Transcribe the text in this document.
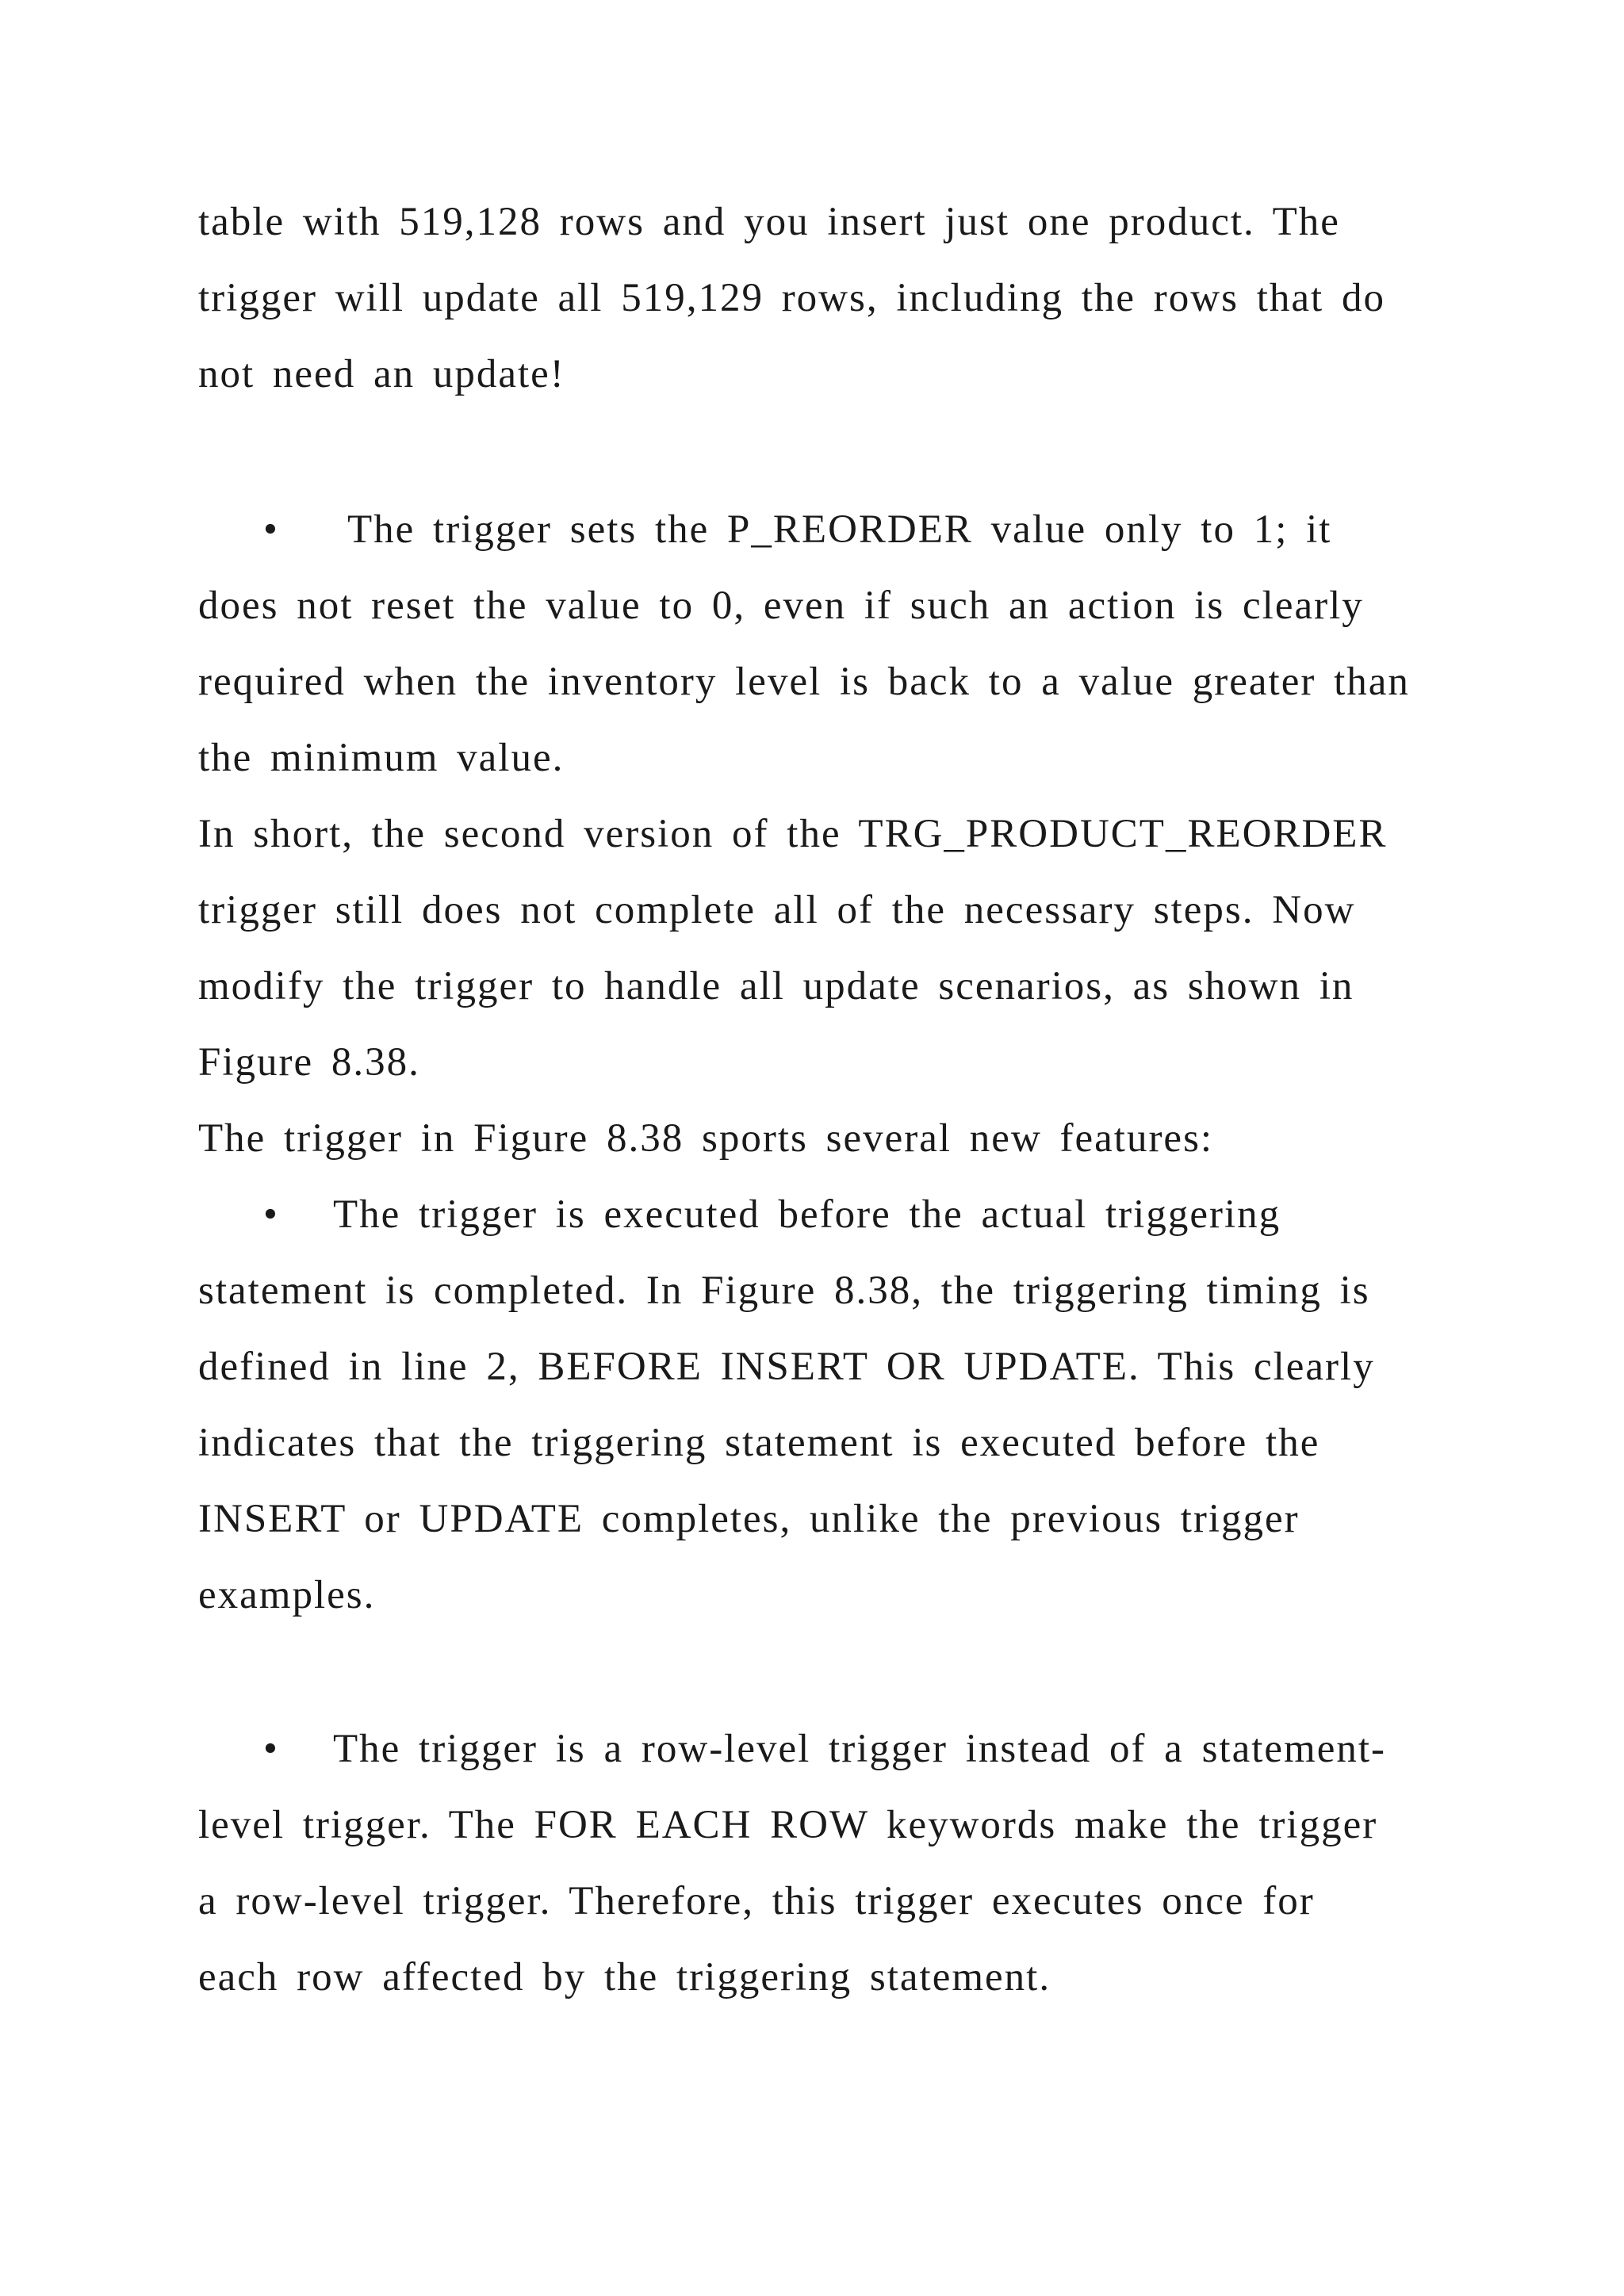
table with 519,128 rows and you insert just one product. The
trigger will update all 519,129 rows, including the rows that do
not need an update!
• The trigger sets the P_REORDER value only to 1; it
does not reset the value to 0, even if such an action is clearly
required when the inventory level is back to a value greater than
the minimum value.
In short, the second version of the TRG_PRODUCT_REORDER
trigger still does not complete all of the necessary steps. Now
modify the trigger to handle all update scenarios, as shown in
Figure 8.38.
The trigger in Figure 8.38 sports several new features:
• The trigger is executed before the actual triggering
statement is completed. In Figure 8.38, the triggering timing is
defined in line 2, BEFORE INSERT OR UPDATE. This clearly
indicates that the triggering statement is executed before the
INSERT or UPDATE completes, unlike the previous trigger
examples.
• The trigger is a row-level trigger instead of a statement-
level trigger. The FOR EACH ROW keywords make the trigger
a row-level trigger. Therefore, this trigger executes once for
each row affected by the triggering statement.
